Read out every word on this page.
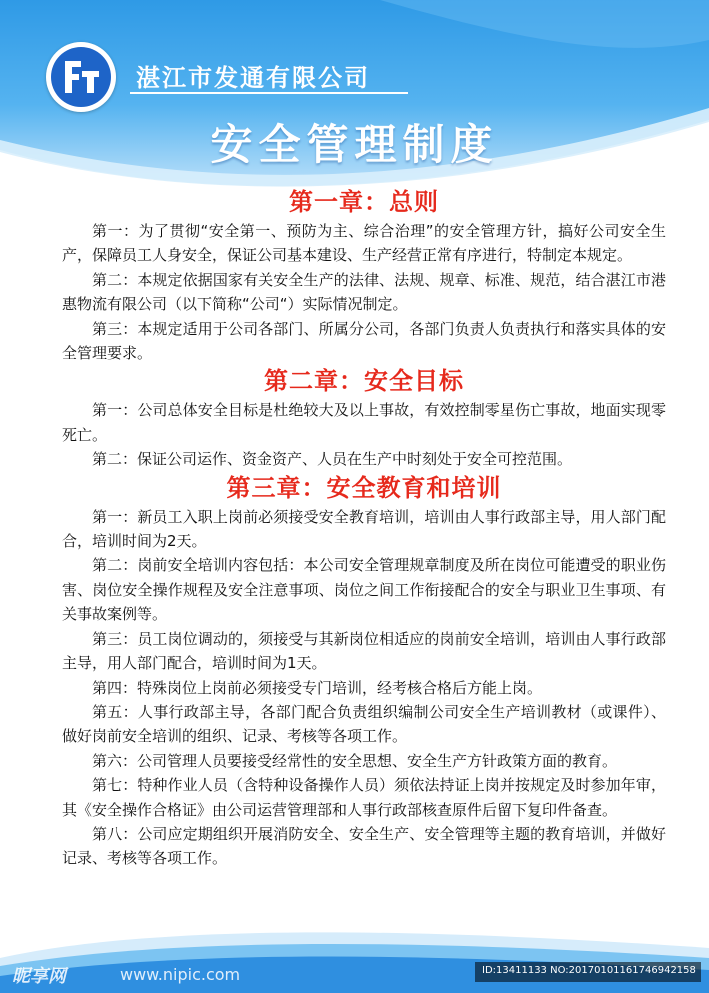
湛江市发通有限公司
安全管理制度
第一章：总则
第一：为了贯彻“安全第一、预防为主、综合治理”的安全管理方针，搞好公司安全生产，保障员工人身安全，保证公司基本建设、生产经营正常有序进行，特制定本规定。
第二：本规定依据国家有关安全生产的法律、法规、规章、标准、规范，结合湛江市港惠物流有限公司（以下简称“公司“）实际情况制定。
第三：本规定适用于公司各部门、所属分公司，各部门负责人负责执行和落实具体的安全管理要求。
第二章：安全目标
第一：公司总体安全目标是杜绝较大及以上事故，有效控制零星伤亡事故，地面实现零死亡。
第二：保证公司运作、资金资产、人员在生产中时刻处于安全可控范围。
第三章：安全教育和培训
第一：新员工入职上岗前必须接受安全教育培训，培训由人事行政部主导，用人部门配合，培训时间为2天。
第二：岗前安全培训内容包括：本公司安全管理规章制度及所在岗位可能遭受的职业伤害、岗位安全操作规程及安全注意事项、岗位之间工作衔接配合的安全与职业卫生事项、有关事故案例等。
第三：员工岗位调动的，须接受与其新岗位相适应的岗前安全培训，培训由人事行政部主导，用人部门配合，培训时间为1天。
第四：特殊岗位上岗前必须接受专门培训，经考核合格后方能上岗。
第五：人事行政部主导，各部门配合负责组织编制公司安全生产培训教材（或课件）、做好岗前安全培训的组织、记录、考核等各项工作。
第六：公司管理人员要接受经常性的安全思想、安全生产方针政策方面的教育。
第七：特种作业人员（含特种设备操作人员）须依法持证上岗并按规定及时参加年审，其《安全操作合格证》由公司运营管理部和人事行政部核查原件后留下复印件备查。
第八：公司应定期组织开展消防安全、安全生产、安全管理等主题的教育培训，并做好记录、考核等各项工作。
昵享网	www.nipic.com	ID:13411133 NO:20170101161746942158
